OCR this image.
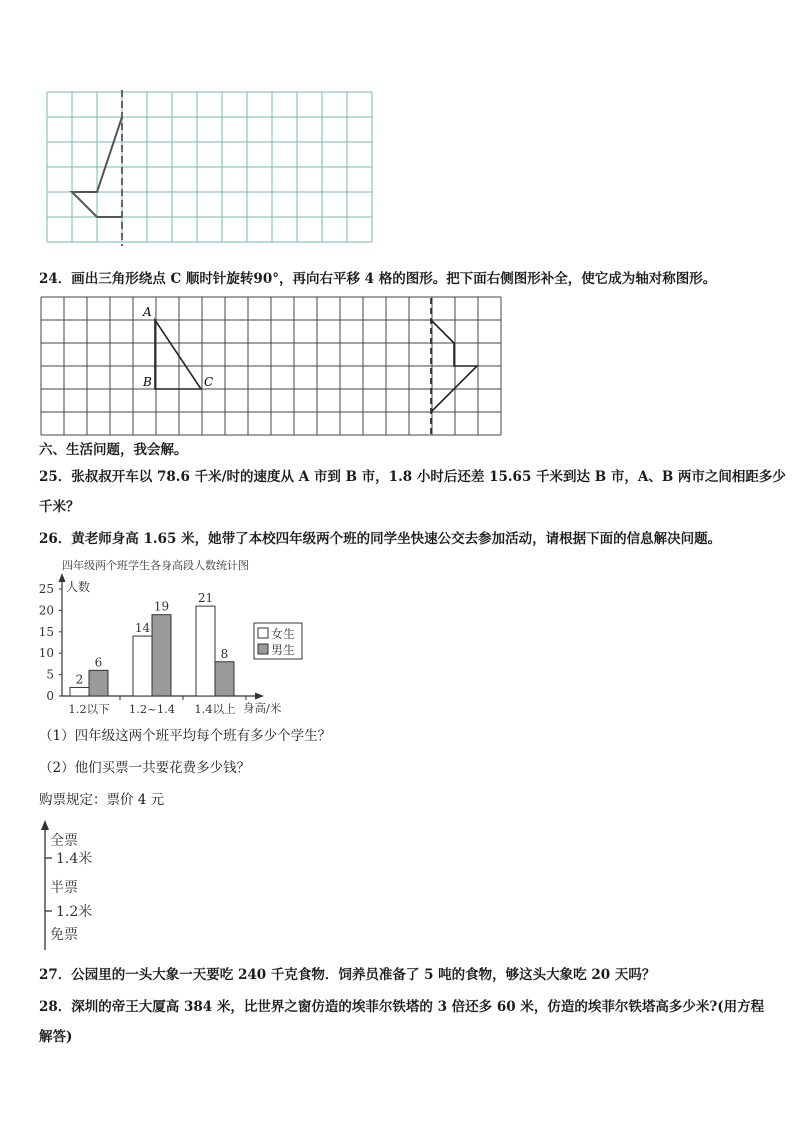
24．画出三角形绕点 C 顺时针旋转90°，再向右平移 4 格的图形。把下面右侧图形补全，使它成为轴对称图形。
A
B	C
六、生活问题，我会解。
25．张叔叔开车以 78.6 千米/时的速度从 A 市到 B 市，1.8 小时后还差 15.65 千米到达 B 市，A、B 两市之间相距多少
千米？
26．黄老师身高 1.65 米，她带了本校四年级两个班的同学坐快速公交去参加活动，请根据下面的信息解决问题。
四年级两个班学生各身高段人数统计图
人数
身高/米
0
5
10
15
20
25
2
6
1.2以下
14
19
1.2~1.4
21
8
1.4以上
女生
男生
（1）四年级这两个班平均每个班有多少个学生？
（2）他们买票一共要花费多少钱？
购票规定：票价 4 元
全票
1.4米
半票
1.2米
免票
27．公园里的一头大象一天要吃 240 千克食物．饲养员准备了 5 吨的食物，够这头大象吃 20 天吗？
28．深圳的帝王大厦高 384 米，比世界之窗仿造的埃菲尔铁塔的 3 倍还多 60 米，仿造的埃菲尔铁塔高多少米?(用方程
解答)
